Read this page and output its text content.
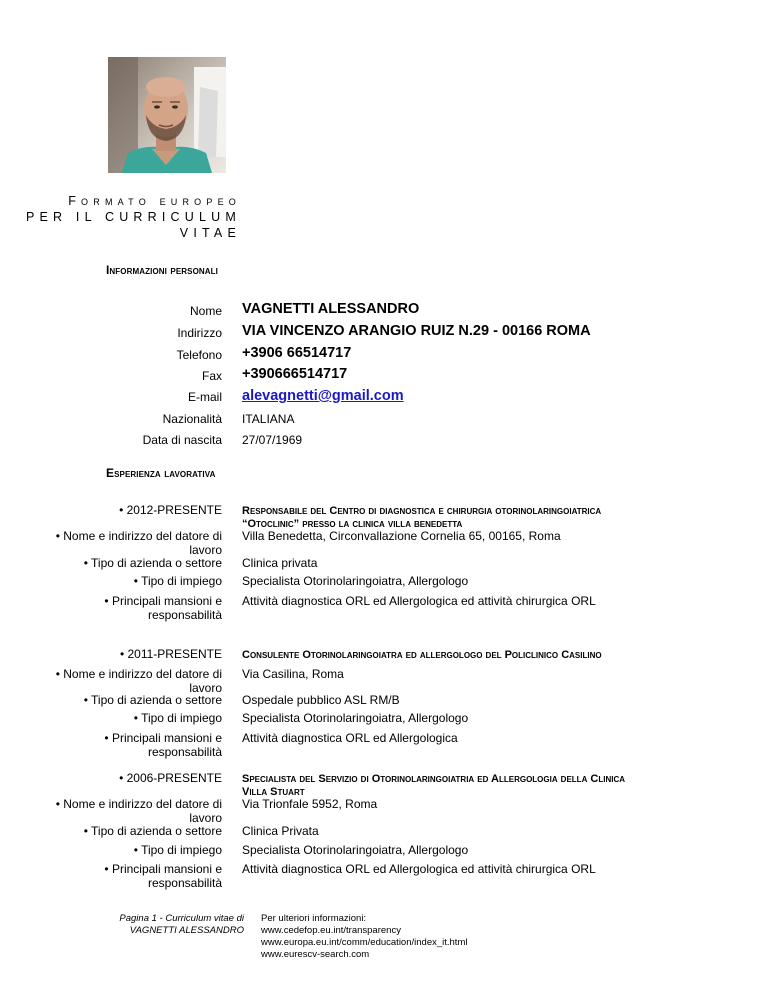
Formato europeo
PER IL CURRICULUM
VITAE
Informazioni personali
Nome VAGNETTI ALESSANDRO
Indirizzo VIA VINCENZO ARANGIO RUIZ N.29 - 00166 ROMA
Telefono +3906 66514717
Fax +390666514717
E-mail alevagnetti@gmail.com
Nazionalità ITALIANA
Data di nascita 27/07/1969
Esperienza lavorativa
• 2012-PRESENTE Responsabile del Centro di diagnostica e chirurgia otorinolaringoiatrica
“Otoclinic” presso la clinica villa benedetta
• Nome e indirizzo del datore di
lavoro
Villa Benedetta, Circonvallazione Cornelia 65, 00165, Roma
• Tipo di azienda o settore Clinica privata
• Tipo di impiego Specialista Otorinolaringoiatra, Allergologo
• Principali mansioni e
responsabilità
Attività diagnostica ORL ed Allergologica ed attività chirurgica ORL
• 2011-PRESENTE Consulente Otorinolaringoiatra ed allergologo del Policlinico Casilino
• Nome e indirizzo del datore di
lavoro
Via Casilina, Roma
• Tipo di azienda o settore Ospedale pubblico ASL RM/B
• Tipo di impiego Specialista Otorinolaringoiatra, Allergologo
• Principali mansioni e
responsabilità
Attività diagnostica ORL ed Allergologica
• 2006-PRESENTE Specialista del Servizio di Otorinolaringoiatria ed Allergologia della Clinica
Villa Stuart
• Nome e indirizzo del datore di
lavoro
Via Trionfale 5952, Roma
• Tipo di azienda o settore Clinica Privata
• Tipo di impiego Specialista Otorinolaringoiatra, Allergologo
• Principali mansioni e
responsabilità
Attività diagnostica ORL ed Allergologica ed attività chirurgica ORL
Pagina 1 - Curriculum vitae di
VAGNETTI ALESSANDRO
Per ulteriori informazioni:
www.cedefop.eu.int/transparency
www.europa.eu.int/comm/education/index_it.html
www.eurescv-search.com
